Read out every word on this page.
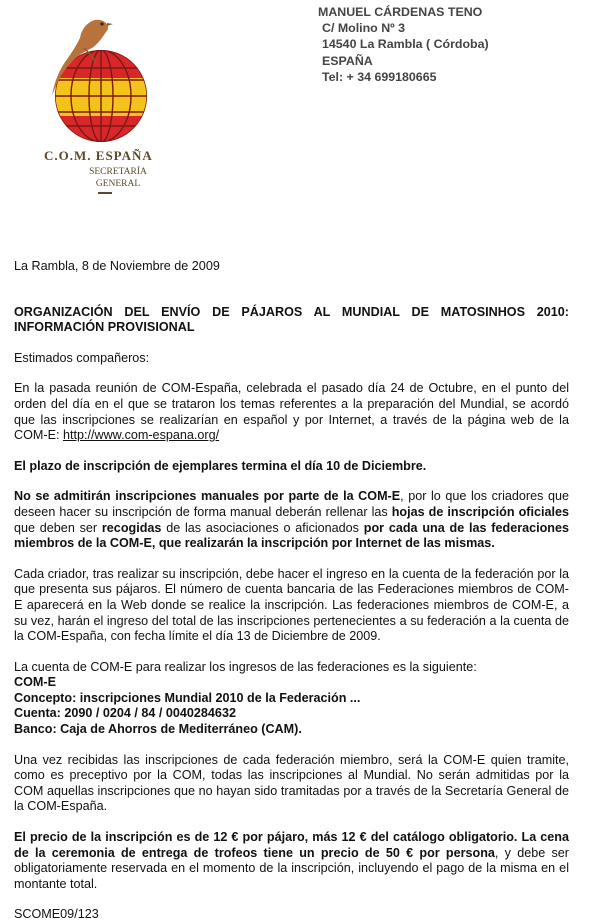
C.O.M. ESPAÑA
SECRETARÍA
GENERAL
MANUEL CÁRDENAS TENO
C/ Molino Nº 3
14540 La Rambla ( Córdoba)
ESPAÑA
Tel: + 34 699180665

La Rambla, 8 de Noviembre de 2009

ORGANIZACIÓN DEL ENVÍO DE PÁJAROS AL MUNDIAL DE MATOSINHOS 2010: INFORMACIÓN PROVISIONAL

Estimados compañeros:

En la pasada reunión de COM-España, celebrada el pasado día 24 de Octubre, en el punto del orden del día en el que se trataron los temas referentes a la preparación del Mundial, se acordó que las inscripciones se realizarían en español y por Internet, a través de la página web de la COM-E: http://www.com-espana.org/

El plazo de inscripción de ejemplares termina el día 10 de Diciembre.

No se admitirán inscripciones manuales por parte de la COM-E, por lo que los criadores que deseen hacer su inscripción de forma manual deberán rellenar las hojas de inscripción oficiales que deben ser recogidas de las asociaciones o aficionados por cada una de las federaciones miembros de la COM-E, que realizarán la inscripción por Internet de las mismas.

Cada criador, tras realizar su inscripción, debe hacer el ingreso en la cuenta de la federación por la que presenta sus pájaros. El número de cuenta bancaria de las Federaciones miembros de COM-E aparecerá en la Web donde se realice la inscripción. Las federaciones miembros de COM-E, a su vez, harán el ingreso del total de las inscripciones pertenecientes a su federación a la cuenta de la COM-España, con fecha límite el día 13 de Diciembre de 2009.

La cuenta de COM-E para realizar los ingresos de las federaciones es la siguiente:

COM-E

Concepto: inscripciones Mundial 2010 de la Federación ...

Cuenta: 2090 / 0204 / 84 / 0040284632

Banco: Caja de Ahorros de Mediterráneo (CAM).

Una vez recibidas las inscripciones de cada federación miembro, será la COM-E quien tramite, como es preceptivo por la COM, todas las inscripciones al Mundial. No serán admitidas por la COM aquellas inscripciones que no hayan sido tramitadas por a través de la Secretaría General de la COM-España.

El precio de la inscripción es de 12 € por pájaro, más 12 € del catálogo obligatorio. La cena de la ceremonia de entrega de trofeos tiene un precio de 50 € por persona, y debe ser obligatoriamente reservada en el momento de la inscripción, incluyendo el pago de la misma en el montante total.

SCOME09/123
